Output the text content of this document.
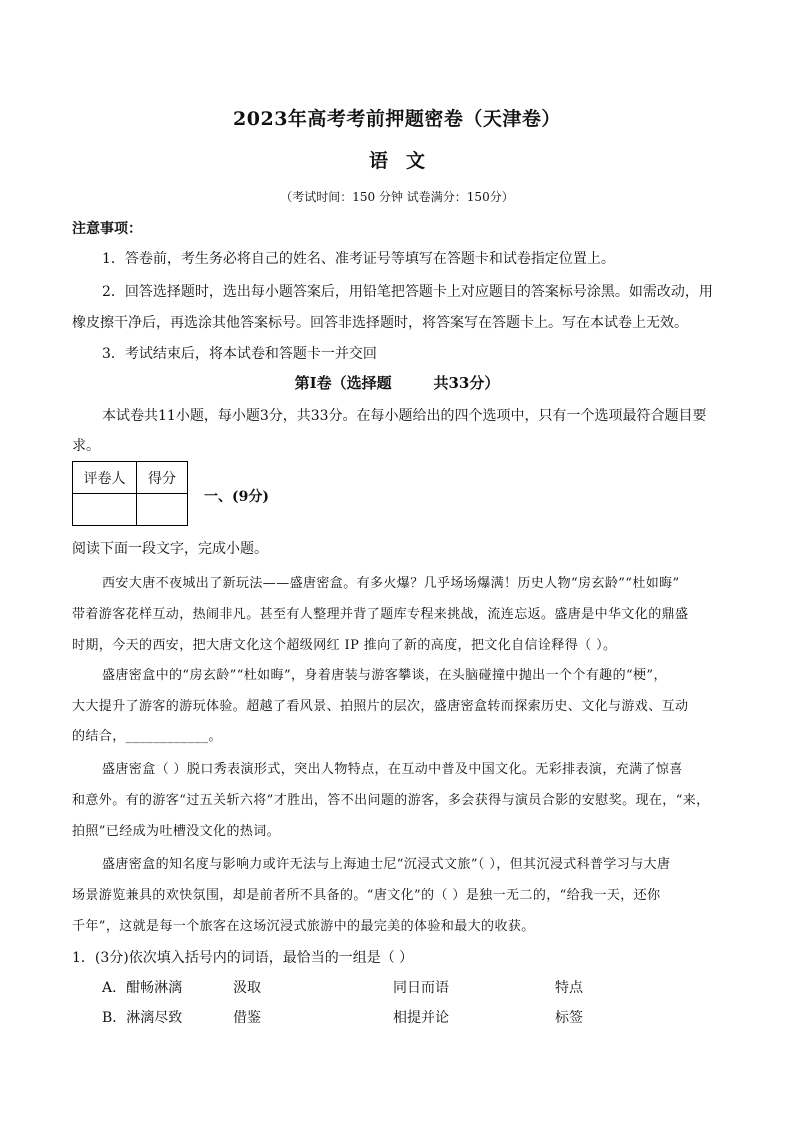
2023年高考考前押题密卷（天津卷）
语文
（考试时间：150 分钟 试卷满分：150分）
注意事项：
1．答卷前，考生务必将自己的姓名、准考证号等填写在答题卡和试卷指定位置上。
2．回答选择题时，选出每小题答案后，用铅笔把答题卡上对应题目的答案标号涂黑。如需改动，用
橡皮擦干净后，再选涂其他答案标号。回答非选择题时，将答案写在答题卡上。写在本试卷上无效。
3．考试结束后，将本试卷和答题卡一并交回
第Ⅰ卷（选择题        共33分）
本试卷共11小题，每小题3分，共33分。在每小题给出的四个选项中，只有一个选项最符合题目要
求。
评卷人	得分

一、(9分)
阅读下面一段文字，完成小题。
西安大唐不夜城出了新玩法——盛唐密盒。有多火爆？几乎场场爆满！历史人物“房玄龄”“杜如晦”
带着游客花样互动，热闹非凡。甚至有人整理并背了题库专程来挑战，流连忘返。盛唐是中华文化的鼎盛
时期，今天的西安，把大唐文化这个超级网红 IP 推向了新的高度，把文化自信诠释得（ ）。
盛唐密盒中的“房玄龄”“杜如晦”，身着唐装与游客攀谈，在头脑碰撞中抛出一个个有趣的“梗”，
大大提升了游客的游玩体验。超越了看风景、拍照片的层次，盛唐密盒转而探索历史、文化与游戏、互动
的结合，____________。
盛唐密盒（ ）脱口秀表演形式，突出人物特点，在互动中普及中国文化。无彩排表演，充满了惊喜
和意外。有的游客“过五关斩六将”才胜出，答不出问题的游客，多会获得与演员合影的安慰奖。现在，“来，
拍照”已经成为吐槽没文化的热词。
盛唐密盒的知名度与影响力或许无法与上海迪士尼“沉浸式文旅”（ ），但其沉浸式科普学习与大唐
场景游览兼具的欢快氛围，却是前者所不具备的。“唐文化”的（ ）是独一无二的，“给我一天，还你
千年”，这就是每一个旅客在这场沉浸式旅游中的最完美的体验和最大的收获。
1．(3分)依次填入括号内的词语，最恰当的一组是（ ）
A．酣畅淋漓	汲取	同日而语	特点
B．淋漓尽致	借鉴	相提并论	标签
